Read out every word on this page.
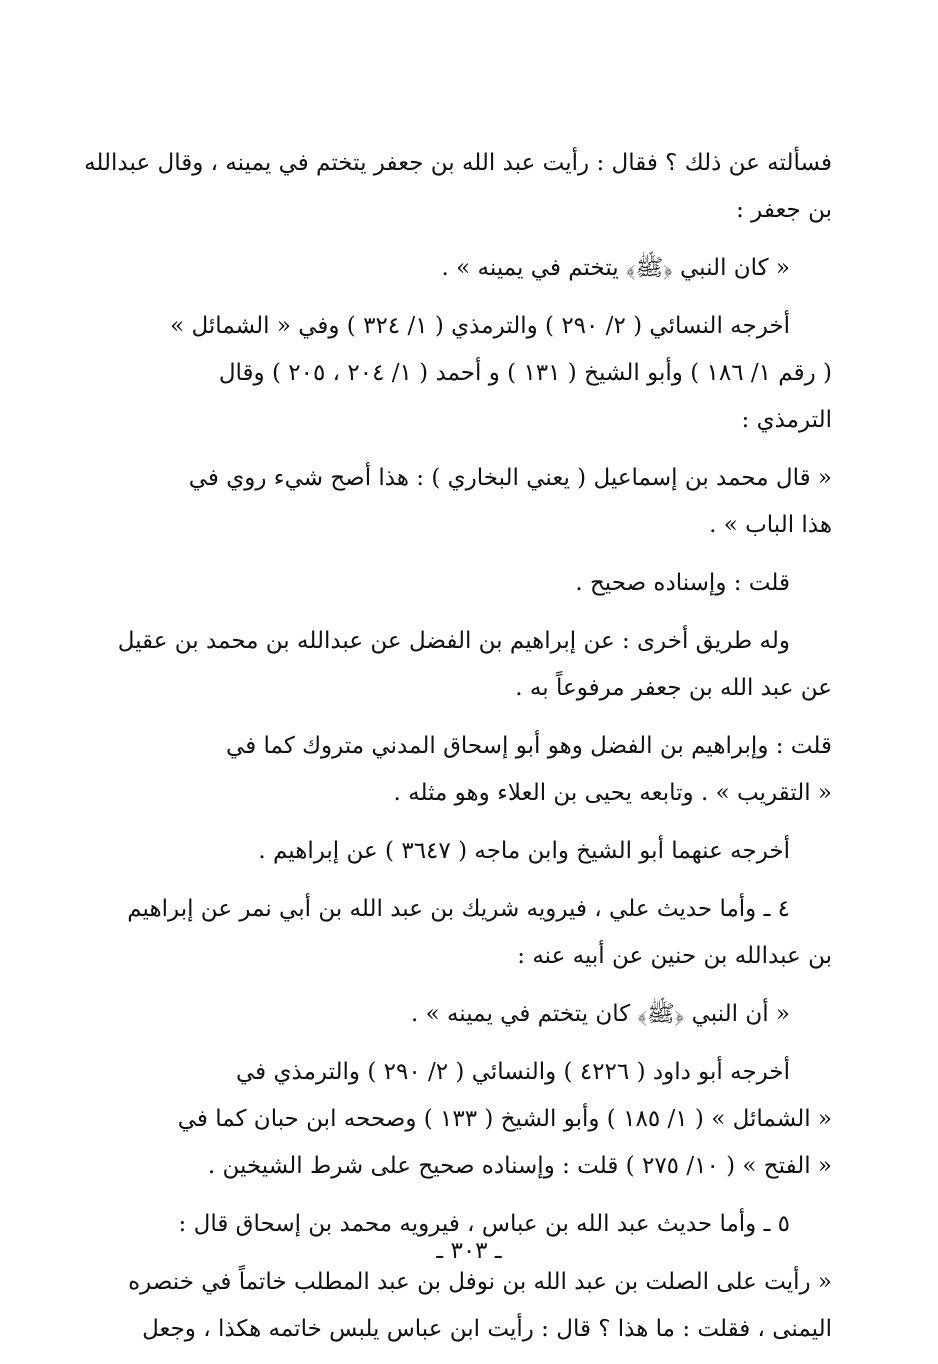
فسألته عن ذلك ؟ فقال : رأيت عبد الله بن جعفر يتختم في يمينه ، وقال عبدالله
بن جعفر :

« كان النبي ﴿ﷺ﴾ يتختم في يمينه » .

أخرجه النسائي ( ٢/ ٢٩٠ ) والترمذي ( ١/ ٣٢٤ ) وفي « الشمائل »
( رقم ١/ ١٨٦ ) وأبو الشيخ ( ١٣١ ) و أحمد ( ١/ ٢٠٤ ، ٢٠٥ ) وقال
الترمذي :

« قال محمد بن إسماعيل ( يعني البخاري ) : هذا أصح شيء روي في
هذا الباب » .

قلت : وإسناده صحيح .

وله طريق أخرى : عن إبراهيم بن الفضل عن عبدالله بن محمد بن عقيل
عن عبد الله بن جعفر مرفوعاً به .

قلت : وإبراهيم بن الفضل وهو أبو إسحاق المدني متروك كما في
« التقريب » . وتابعه يحيى بن العلاء وهو مثله .

أخرجه عنهما أبو الشيخ وابن ماجه ( ٣٦٤٧ ) عن إبراهيم .

٤ ـ وأما حديث علي ، فيرويه شريك بن عبد الله بن أبي نمر عن إبراهيم
بن عبدالله بن حنين عن أبيه عنه :

« أن النبي ﴿ﷺ﴾ كان يتختم في يمينه » .

أخرجه أبو داود ( ٤٢٢٦ ) والنسائي ( ٢/ ٢٩٠ ) والترمذي في
« الشمائل » ( ١/ ١٨٥ ) وأبو الشيخ ( ١٣٣ ) وصححه ابن حبان كما في
« الفتح » ( ١٠/ ٢٧٥ ) قلت : وإسناده صحيح على شرط الشيخين .

٥ ـ وأما حديث عبد الله بن عباس ، فيرويه محمد بن إسحاق قال :

« رأيت على الصلت بن عبد الله بن نوفل بن عبد المطلب خاتماً في خنصره
اليمنى ، فقلت : ما هذا ؟ قال : رأيت ابن عباس يلبس خاتمه هكذا ، وجعل

ـ ٣٠٣ ـ
